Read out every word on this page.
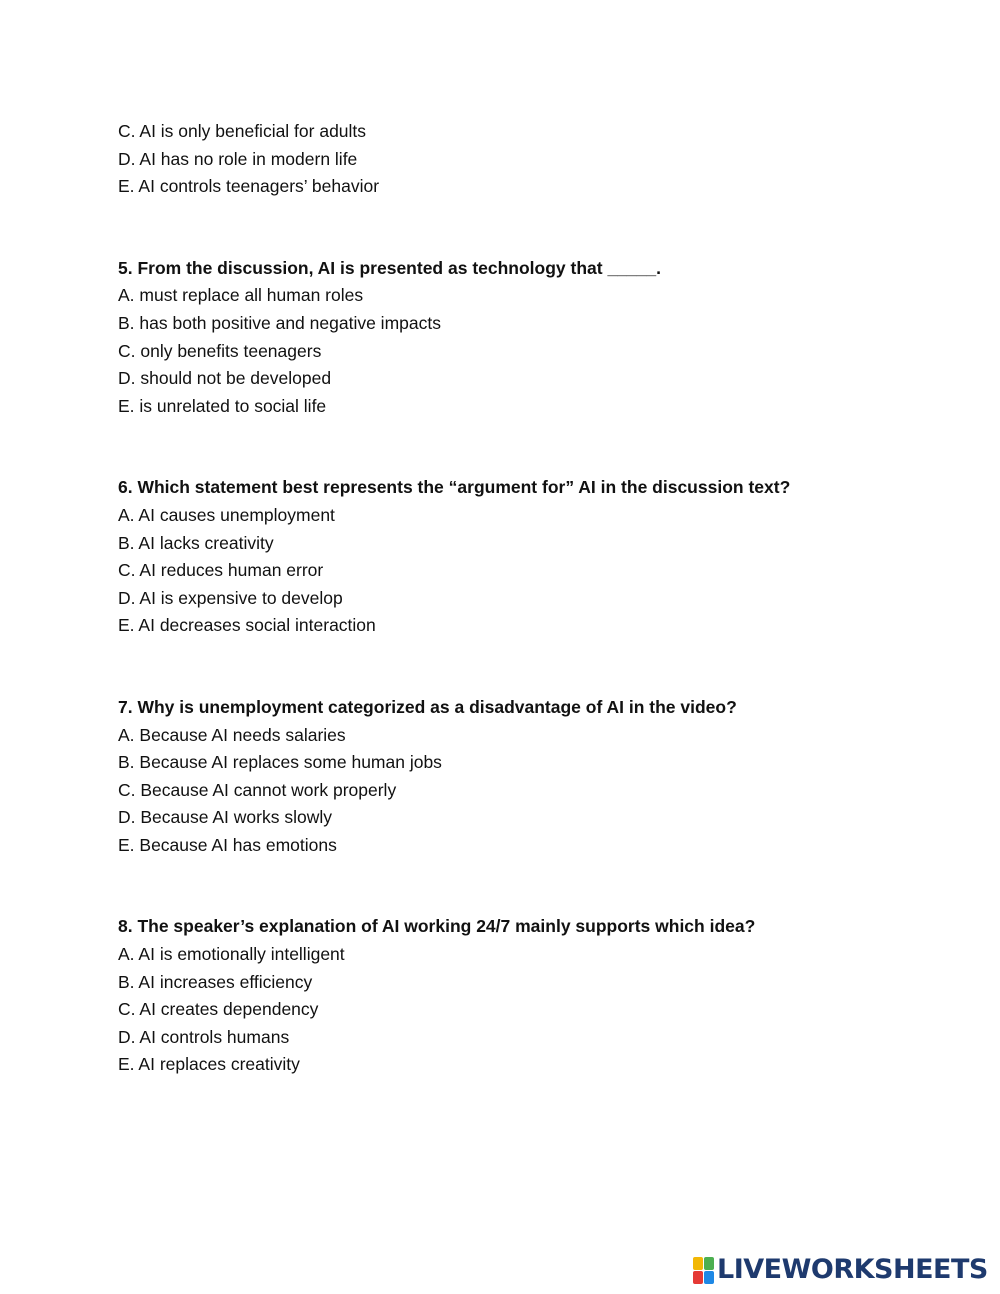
C. AI is only beneficial for adults
D. AI has no role in modern life
E. AI controls teenagers’ behavior
5. From the discussion, AI is presented as technology that _____.
A. must replace all human roles
B. has both positive and negative impacts
C. only benefits teenagers
D. should not be developed
E. is unrelated to social life
6. Which statement best represents the “argument for” AI in the discussion text?
A. AI causes unemployment
B. AI lacks creativity
C. AI reduces human error
D. AI is expensive to develop
E. AI decreases social interaction
7. Why is unemployment categorized as a disadvantage of AI in the video?
A. Because AI needs salaries
B. Because AI replaces some human jobs
C. Because AI cannot work properly
D. Because AI works slowly
E. Because AI has emotions
8. The speaker’s explanation of AI working 24/7 mainly supports which idea?
A. AI is emotionally intelligent
B. AI increases efficiency
C. AI creates dependency
D. AI controls humans
E. AI replaces creativity
LIVEWORKSHEETS
